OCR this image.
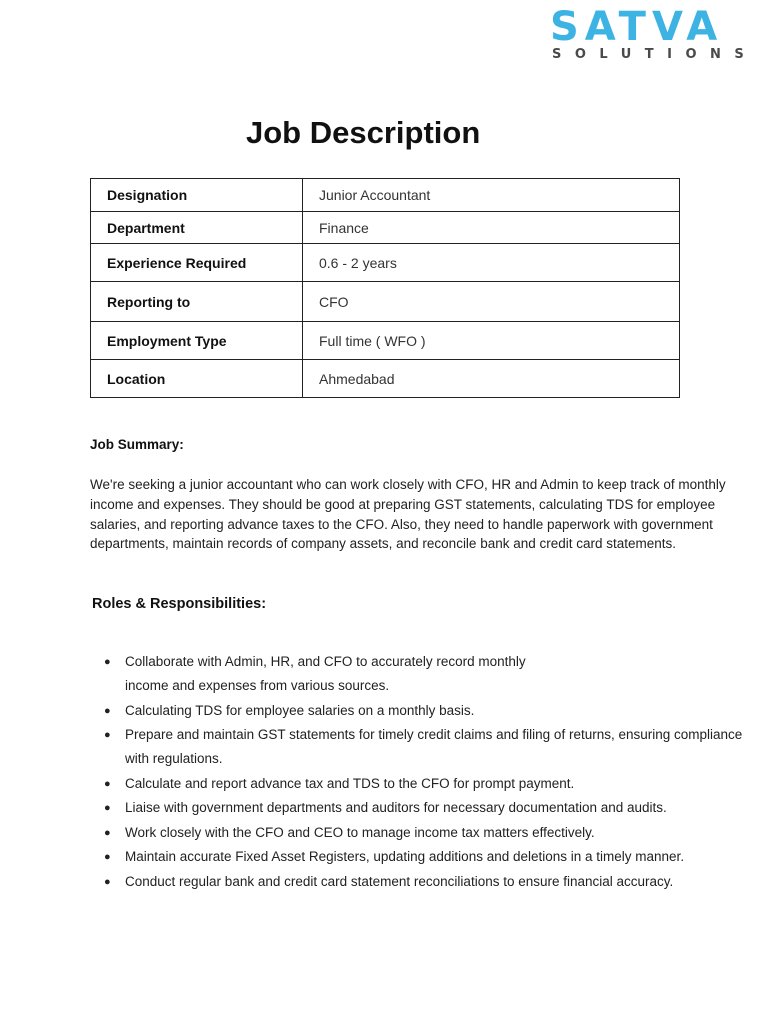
SATVA
SOLUTIONS
Job Description
Designation	Junior Accountant
Department	Finance
Experience Required	0.6 - 2 years
Reporting to	CFO
Employment Type	Full time ( WFO )
Location	Ahmedabad
Job Summary:

We're seeking a junior accountant who can work closely with CFO, HR and Admin to keep track of monthly income and expenses. They should be good at preparing GST statements, calculating TDS for employee salaries, and reporting advance taxes to the CFO. Also, they need to handle paperwork with government departments, maintain records of company assets, and reconcile bank and credit card statements.

Roles & Responsibilities:
● Collaborate with Admin, HR, and CFO to accurately record monthly income and expenses from various sources.
● Calculating TDS for employee salaries on a monthly basis.
● Prepare and maintain GST statements for timely credit claims and filing of returns, ensuring compliance with regulations.
● Calculate and report advance tax and TDS to the CFO for prompt payment.
● Liaise with government departments and auditors for necessary documentation and audits.
● Work closely with the CFO and CEO to manage income tax matters effectively.
● Maintain accurate Fixed Asset Registers, updating additions and deletions in a timely manner.
● Conduct regular bank and credit card statement reconciliations to ensure financial accuracy.
